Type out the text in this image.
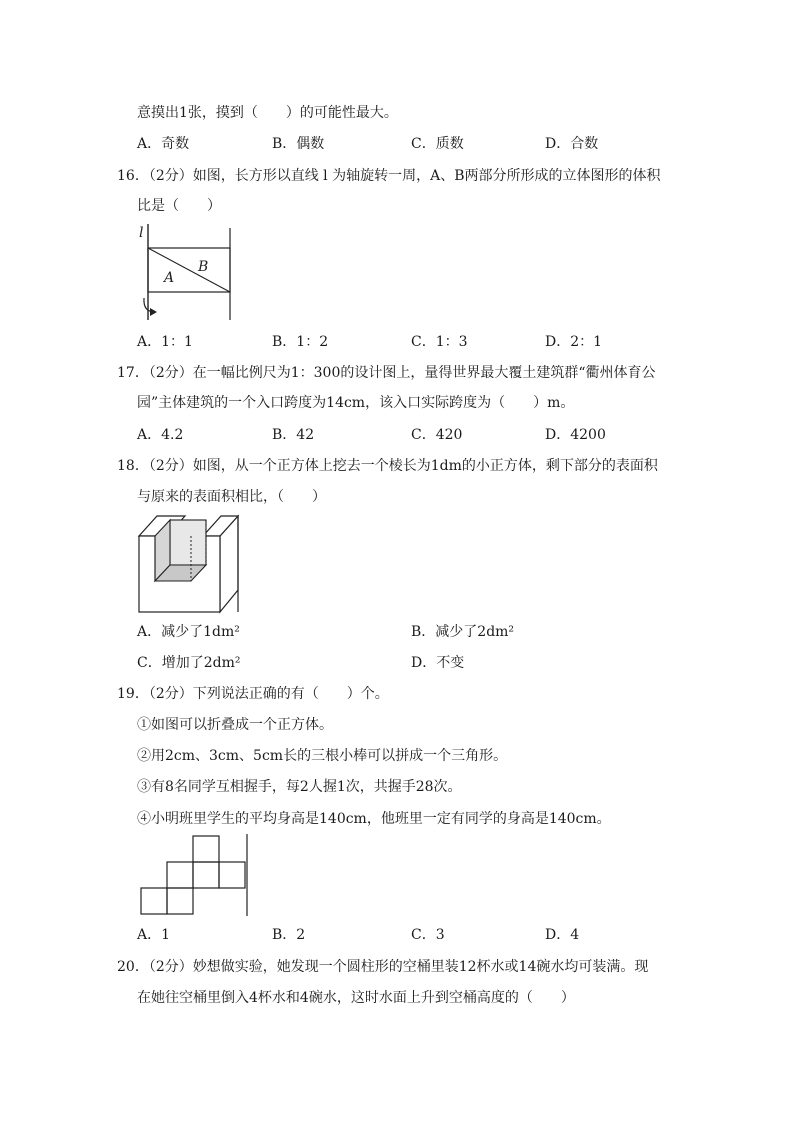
意摸出1张，摸到（　　）的可能性最大。
A．奇数	B．偶数	C．质数	D．合数
16．（2分）如图，长方形以直线 l 为轴旋转一周，A、B两部分所形成的立体图形的体积
比是（　　）
l
A
B
A．1：1	B．1：2	C．1：3	D．2：1
17．（2分）在一幅比例尺为1：300的设计图上，量得世界最大覆土建筑群“衢州体育公
园”主体建筑的一个入口跨度为14cm，该入口实际跨度为（　　）m。
A．4.2	B．42	C．420	D．4200
18．（2分）如图，从一个正方体上挖去一个棱长为1dm的小正方体，剩下部分的表面积
与原来的表面积相比，（　　）
A．减少了1dm²	B．减少了2dm²
C．增加了2dm²	D．不变
19．（2分）下列说法正确的有（　　）个。
①如图可以折叠成一个正方体。
②用2cm、3cm、5cm长的三根小棒可以拼成一个三角形。
③有8名同学互相握手，每2人握1次，共握手28次。
④小明班里学生的平均身高是140cm，他班里一定有同学的身高是140cm。
A．1	B．2	C．3	D．4
20．（2分）妙想做实验，她发现一个圆柱形的空桶里装12杯水或14碗水均可装满。现
在她往空桶里倒入4杯水和4碗水，这时水面上升到空桶高度的（　　）
